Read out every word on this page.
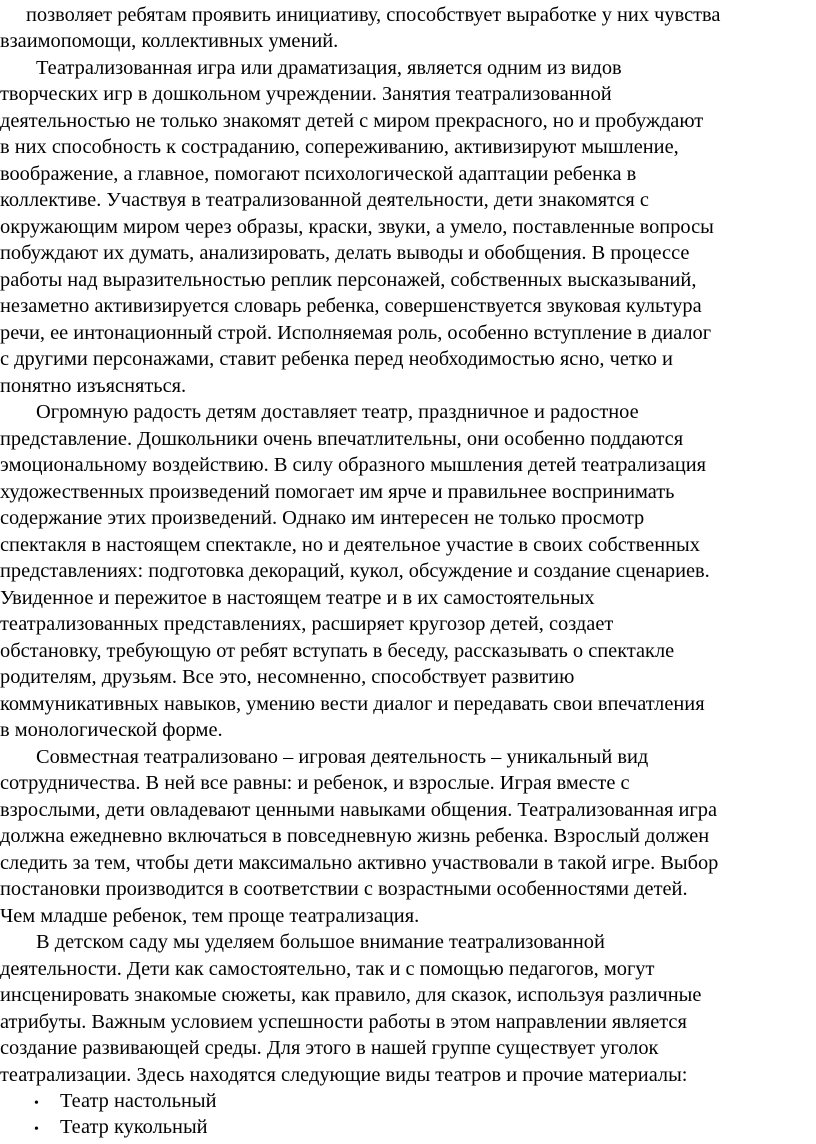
позволяет ребятам проявить инициативу, способствует выработке у них чувства
взаимопомощи, коллективных умений.
Театрализованная игра или драматизация, является одним из видов
творческих игр в дошкольном учреждении. Занятия театрализованной
деятельностью не только знакомят детей с миром прекрасного, но и пробуждают
в них способность к состраданию, сопереживанию, активизируют мышление,
воображение, а главное, помогают психологической адаптации ребенка в
коллективе. Участвуя в театрализованной деятельности, дети знакомятся с
окружающим миром через образы, краски, звуки, а умело, поставленные вопросы
побуждают их думать, анализировать, делать выводы и обобщения. В процессе
работы над выразительностью реплик персонажей, собственных высказываний,
незаметно активизируется словарь ребенка, совершенствуется звуковая культура
речи, ее интонационный строй. Исполняемая роль, особенно вступление в диалог
с другими персонажами, ставит ребенка перед необходимостью ясно, четко и
понятно изъясняться.
Огромную радость детям доставляет театр, праздничное и радостное
представление. Дошкольники очень впечатлительны, они особенно поддаются
эмоциональному воздействию. В силу образного мышления детей театрализация
художественных произведений помогает им ярче и правильнее воспринимать
содержание этих произведений. Однако им интересен не только просмотр
спектакля в настоящем спектакле, но и деятельное участие в своих собственных
представлениях: подготовка декораций, кукол, обсуждение и создание сценариев.
Увиденное и пережитое в настоящем театре и в их самостоятельных
театрализованных представлениях, расширяет кругозор детей, создает
обстановку, требующую от ребят вступать в беседу, рассказывать о спектакле
родителям, друзьям. Все это, несомненно, способствует развитию
коммуникативных навыков, умению вести диалог и передавать свои впечатления
в монологической форме.
Совместная театрализовано – игровая деятельность – уникальный вид
сотрудничества. В ней все равны: и ребенок, и взрослые. Играя вместе с
взрослыми, дети овладевают ценными навыками общения. Театрализованная игра
должна ежедневно включаться в повседневную жизнь ребенка. Взрослый должен
следить за тем, чтобы дети максимально активно участвовали в такой игре. Выбор
постановки производится в соответствии с возрастными особенностями детей.
Чем младше ребенок, тем проще театрализация.
В детском саду мы уделяем большое внимание театрализованной
деятельности. Дети как самостоятельно, так и с помощью педагогов, могут
инсценировать знакомые сюжеты, как правило, для сказок, используя различные
атрибуты. Важным условием успешности работы в этом направлении является
создание развивающей среды. Для этого в нашей группе существует уголок
театрализации. Здесь находятся следующие виды театров и прочие материалы:
• Театр настольный
• Театр кукольный
